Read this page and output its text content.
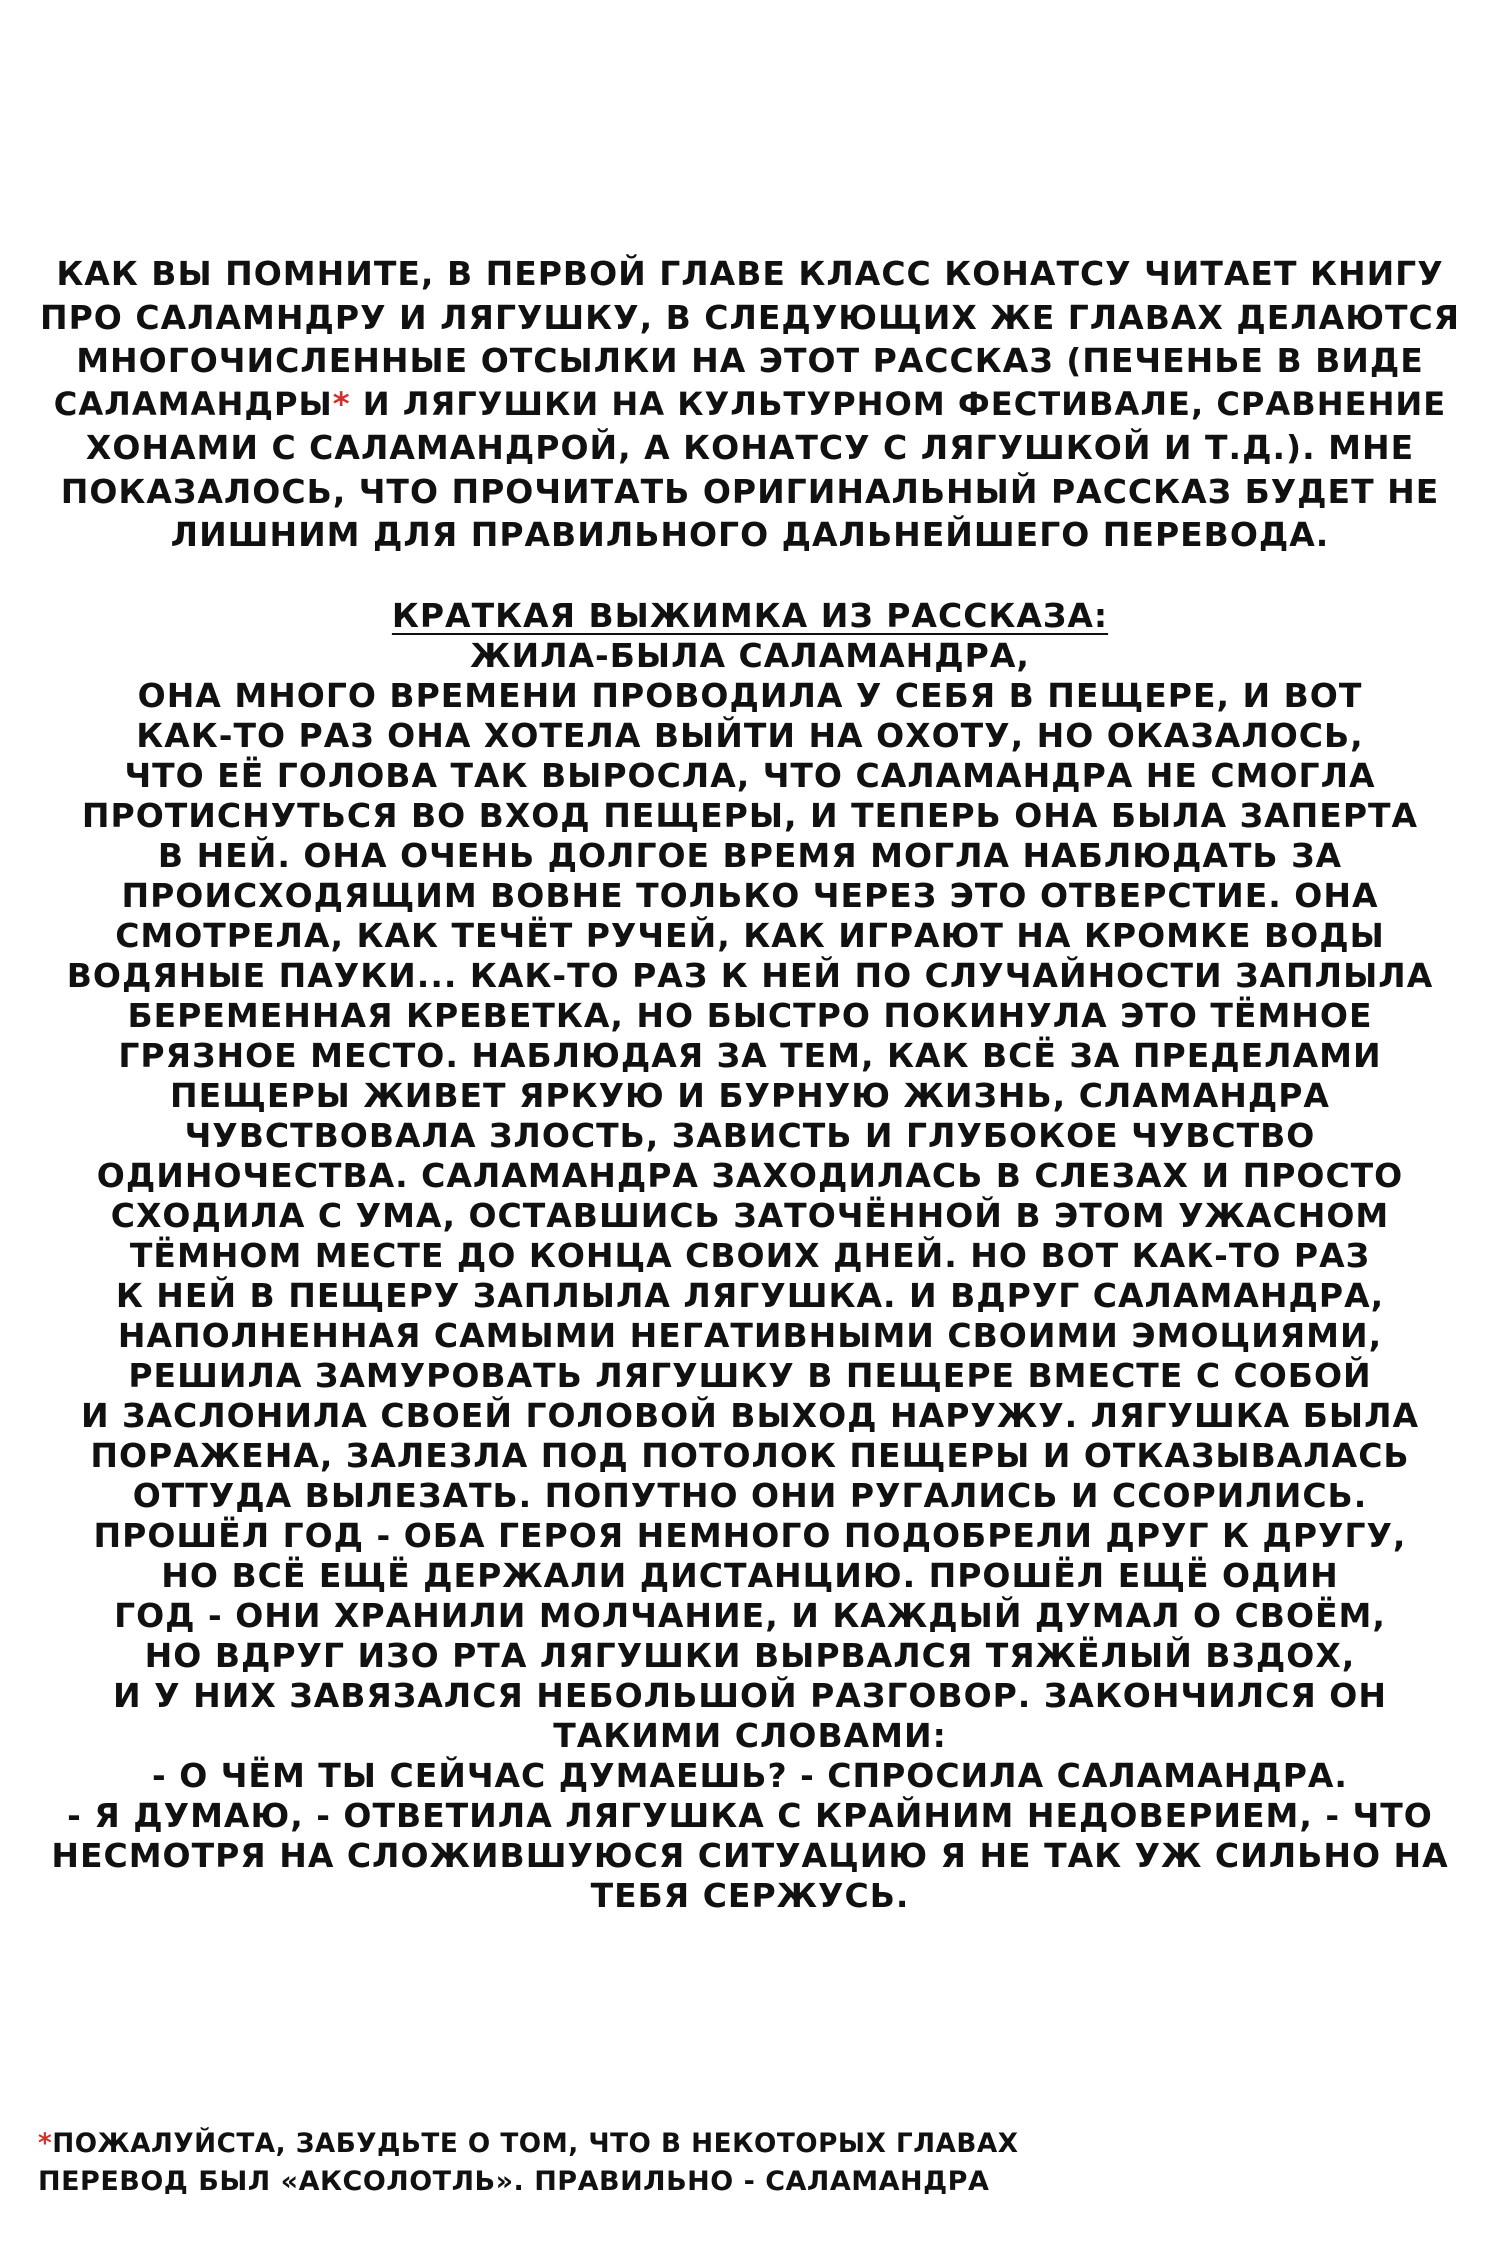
КАК ВЫ ПОМНИТЕ, В ПЕРВОЙ ГЛАВЕ КЛАСС КОНАТСУ ЧИТАЕТ КНИГУ
ПРО САЛАМНДРУ И ЛЯГУШКУ, В СЛЕДУЮЩИХ ЖЕ ГЛАВАХ ДЕЛАЮТСЯ
МНОГОЧИСЛЕННЫЕ ОТСЫЛКИ НА ЭТОТ РАССКАЗ (ПЕЧЕНЬЕ В ВИДЕ
САЛАМАНДРЫ* И ЛЯГУШКИ НА КУЛЬТУРНОМ ФЕСТИВАЛЕ, СРАВНЕНИЕ
ХОНАМИ С САЛАМАНДРОЙ, А КОНАТСУ С ЛЯГУШКОЙ И Т.Д.). МНЕ
ПОКАЗАЛОСЬ, ЧТО ПРОЧИТАТЬ ОРИГИНАЛЬНЫЙ РАССКАЗ БУДЕТ НЕ
ЛИШНИМ ДЛЯ ПРАВИЛЬНОГО ДАЛЬНЕЙШЕГО ПЕРЕВОДА.
КРАТКАЯ ВЫЖИМКА ИЗ РАССКАЗА:
ЖИЛА-БЫЛА САЛАМАНДРА,
ОНА МНОГО ВРЕМЕНИ ПРОВОДИЛА У СЕБЯ В ПЕЩЕРЕ, И ВОТ
КАК-ТО РАЗ ОНА ХОТЕЛА ВЫЙТИ НА ОХОТУ, НО ОКАЗАЛОСЬ,
ЧТО ЕЁ ГОЛОВА ТАК ВЫРОСЛА, ЧТО САЛАМАНДРА НЕ СМОГЛА
ПРОТИСНУТЬСЯ ВО ВХОД ПЕЩЕРЫ, И ТЕПЕРЬ ОНА БЫЛА ЗАПЕРТА
В НЕЙ. ОНА ОЧЕНЬ ДОЛГОЕ ВРЕМЯ МОГЛА НАБЛЮДАТЬ ЗА
ПРОИСХОДЯЩИМ ВОВНЕ ТОЛЬКО ЧЕРЕЗ ЭТО ОТВЕРСТИЕ. ОНА
СМОТРЕЛА, КАК ТЕЧЁТ РУЧЕЙ, КАК ИГРАЮТ НА КРОМКЕ ВОДЫ
ВОДЯНЫЕ ПАУКИ... КАК-ТО РАЗ К НЕЙ ПО СЛУЧАЙНОСТИ ЗАПЛЫЛА
БЕРЕМЕННАЯ КРЕВЕТКА, НО БЫСТРО ПОКИНУЛА ЭТО ТЁМНОЕ
ГРЯЗНОЕ МЕСТО. НАБЛЮДАЯ ЗА ТЕМ, КАК ВСЁ ЗА ПРЕДЕЛАМИ
ПЕЩЕРЫ ЖИВЕТ ЯРКУЮ И БУРНУЮ ЖИЗНЬ, СЛАМАНДРА
ЧУВСТВОВАЛА ЗЛОСТЬ, ЗАВИСТЬ И ГЛУБОКОЕ ЧУВСТВО
ОДИНОЧЕСТВА. САЛАМАНДРА ЗАХОДИЛАСЬ В СЛЕЗАХ И ПРОСТО
СХОДИЛА С УМА, ОСТАВШИСЬ ЗАТОЧЁННОЙ В ЭТОМ УЖАСНОМ
ТЁМНОМ МЕСТЕ ДО КОНЦА СВОИХ ДНЕЙ. НО ВОТ КАК-ТО РАЗ
К НЕЙ В ПЕЩЕРУ ЗАПЛЫЛА ЛЯГУШКА. И ВДРУГ САЛАМАНДРА,
НАПОЛНЕННАЯ САМЫМИ НЕГАТИВНЫМИ СВОИМИ ЭМОЦИЯМИ,
РЕШИЛА ЗАМУРОВАТЬ ЛЯГУШКУ В ПЕЩЕРЕ ВМЕСТЕ С СОБОЙ
И ЗАСЛОНИЛА СВОЕЙ ГОЛОВОЙ ВЫХОД НАРУЖУ. ЛЯГУШКА БЫЛА
ПОРАЖЕНА, ЗАЛЕЗЛА ПОД ПОТОЛОК ПЕЩЕРЫ И ОТКАЗЫВАЛАСЬ
ОТТУДА ВЫЛЕЗАТЬ. ПОПУТНО ОНИ РУГАЛИСЬ И ССОРИЛИСЬ.
ПРОШЁЛ ГОД - ОБА ГЕРОЯ НЕМНОГО ПОДОБРЕЛИ ДРУГ К ДРУГУ,
НО ВСЁ ЕЩЁ ДЕРЖАЛИ ДИСТАНЦИЮ. ПРОШЁЛ ЕЩЁ ОДИН
ГОД - ОНИ ХРАНИЛИ МОЛЧАНИЕ, И КАЖДЫЙ ДУМАЛ О СВОЁМ,
НО ВДРУГ ИЗО РТА ЛЯГУШКИ ВЫРВАЛСЯ ТЯЖЁЛЫЙ ВЗДОХ,
И У НИХ ЗАВЯЗАЛСЯ НЕБОЛЬШОЙ РАЗГОВОР. ЗАКОНЧИЛСЯ ОН
ТАКИМИ СЛОВАМИ:
- О ЧЁМ ТЫ СЕЙЧАС ДУМАЕШЬ? - СПРОСИЛА САЛАМАНДРА.
- Я ДУМАЮ, - ОТВЕТИЛА ЛЯГУШКА С КРАЙНИМ НЕДОВЕРИЕМ, - ЧТО
НЕСМОТРЯ НА СЛОЖИВШУЮСЯ СИТУАЦИЮ Я НЕ ТАК УЖ СИЛЬНО НА
ТЕБЯ СЕРЖУСЬ.
*ПОЖАЛУЙСТА, ЗАБУДЬТЕ О ТОМ, ЧТО В НЕКОТОРЫХ ГЛАВАХ
ПЕРЕВОД БЫЛ «АКСОЛОТЛЬ». ПРАВИЛЬНО - САЛАМАНДРА
